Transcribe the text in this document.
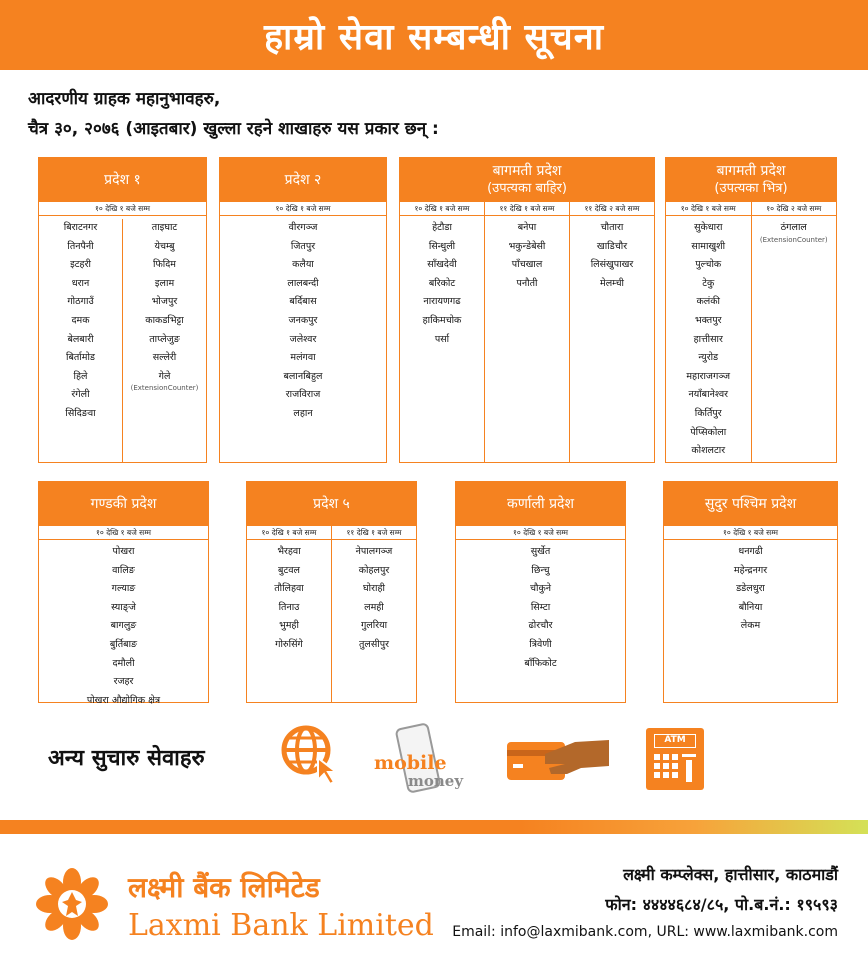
हाम्रो सेवा सम्बन्धी सूचना
आदरणीय ग्राहक महानुभावहरु,
चैत्र ३०, २०७६ (आइतबार) खुल्ला रहने शाखाहरु यस प्रकार छन् :
प्रदेश १
१० देखि १ बजे सम्म
बिराटनगर
तिनपैनी
इटहरी
धरान
गोठगाउँ
दमक
बेलबारी
बिर्तामोड
हिले
रंगेली
सिदिङवा
ताइघाट
येचम्बु
फिदिम
इलाम
भोजपुर
काकडभिट्टा
ताप्लेजुङ
सल्लेरी
गेले
(ExtensionCounter)
प्रदेश २
१० देखि १ बजे सम्म
वीरगञ्ज
जितपुर
कलैया
लालबन्दी
बर्दिबास
जनकपुर
जलेश्वर
मलंगवा
बलानबिहुल
राजविराज
लहान
बागमती प्रदेश
(उपत्यका बाहिर)
१० देखि १ बजे सम्म
हेटौडा
सिन्धुली
साँखदेवी
बरिकोट
नारायणगढ
हाकिमचोक
पर्सा
११ देखि १ बजे सम्म
बनेपा
भकुन्डेबेसी
पाँचखाल
पनौती
११ देखि २ बजे सम्म
चौतारा
खाडिचौर
लिसंखुपाखर
मेलम्ची
बागमती प्रदेश
(उपत्यका भित्र)
१० देखि १ बजे सम्म
सुकेधारा
सामाखुशी
पुल्चोक
टेकु
कलंकी
भक्तपुर
हात्तीसार
न्युरोड
महाराजगञ्ज
नयाँबानेश्वर
किर्तिपुर
पेप्सिकोला
कोशलटार
१० देखि २ बजे सम्म
ठंगलाल
(ExtensionCounter)
गण्डकी प्रदेश
१० देखि १ बजे सम्म
पोखरा
वालिङ
गल्याङ
स्याङ्जे
बागलुङ
बुर्तिबाङ
दमौली
रजहर
पोखरा औद्योगिक क्षेत्र
प्रदेश ५
१० देखि १ बजे सम्म
भैरहवा
बुटवल
तौलिहवा
तिनाउ
भुमही
गोरुसिंगे
११ देखि १ बजे सम्म
नेपालगञ्ज
कोहलपुर
घोराही
लमही
गुलरिया
तुलसीपुर
कर्णाली प्रदेश
१० देखि १ बजे सम्म
सुर्खेत
छिन्चु
चौकुने
सिम्टा
ढोरचौर
त्रिवेणी
बाँफिकोट
सुदुर पश्चिम प्रदेश
१० देखि १ बजे सम्म
धनगढी
महेन्द्रनगर
डडेलधुरा
बौनिया
लेकम
अन्य सुचारु सेवाहरु	mobile
money
ATM
लक्ष्मी बैंक लिमिटेड
Laxmi Bank Limited
लक्ष्मी कम्प्लेक्स, हात्तीसार, काठमाडौं
फोन: ४४४४६८४/८५, पो.ब.नं.: १९५९३
Email: info@laxmibank.com, URL: www.laxmibank.com
